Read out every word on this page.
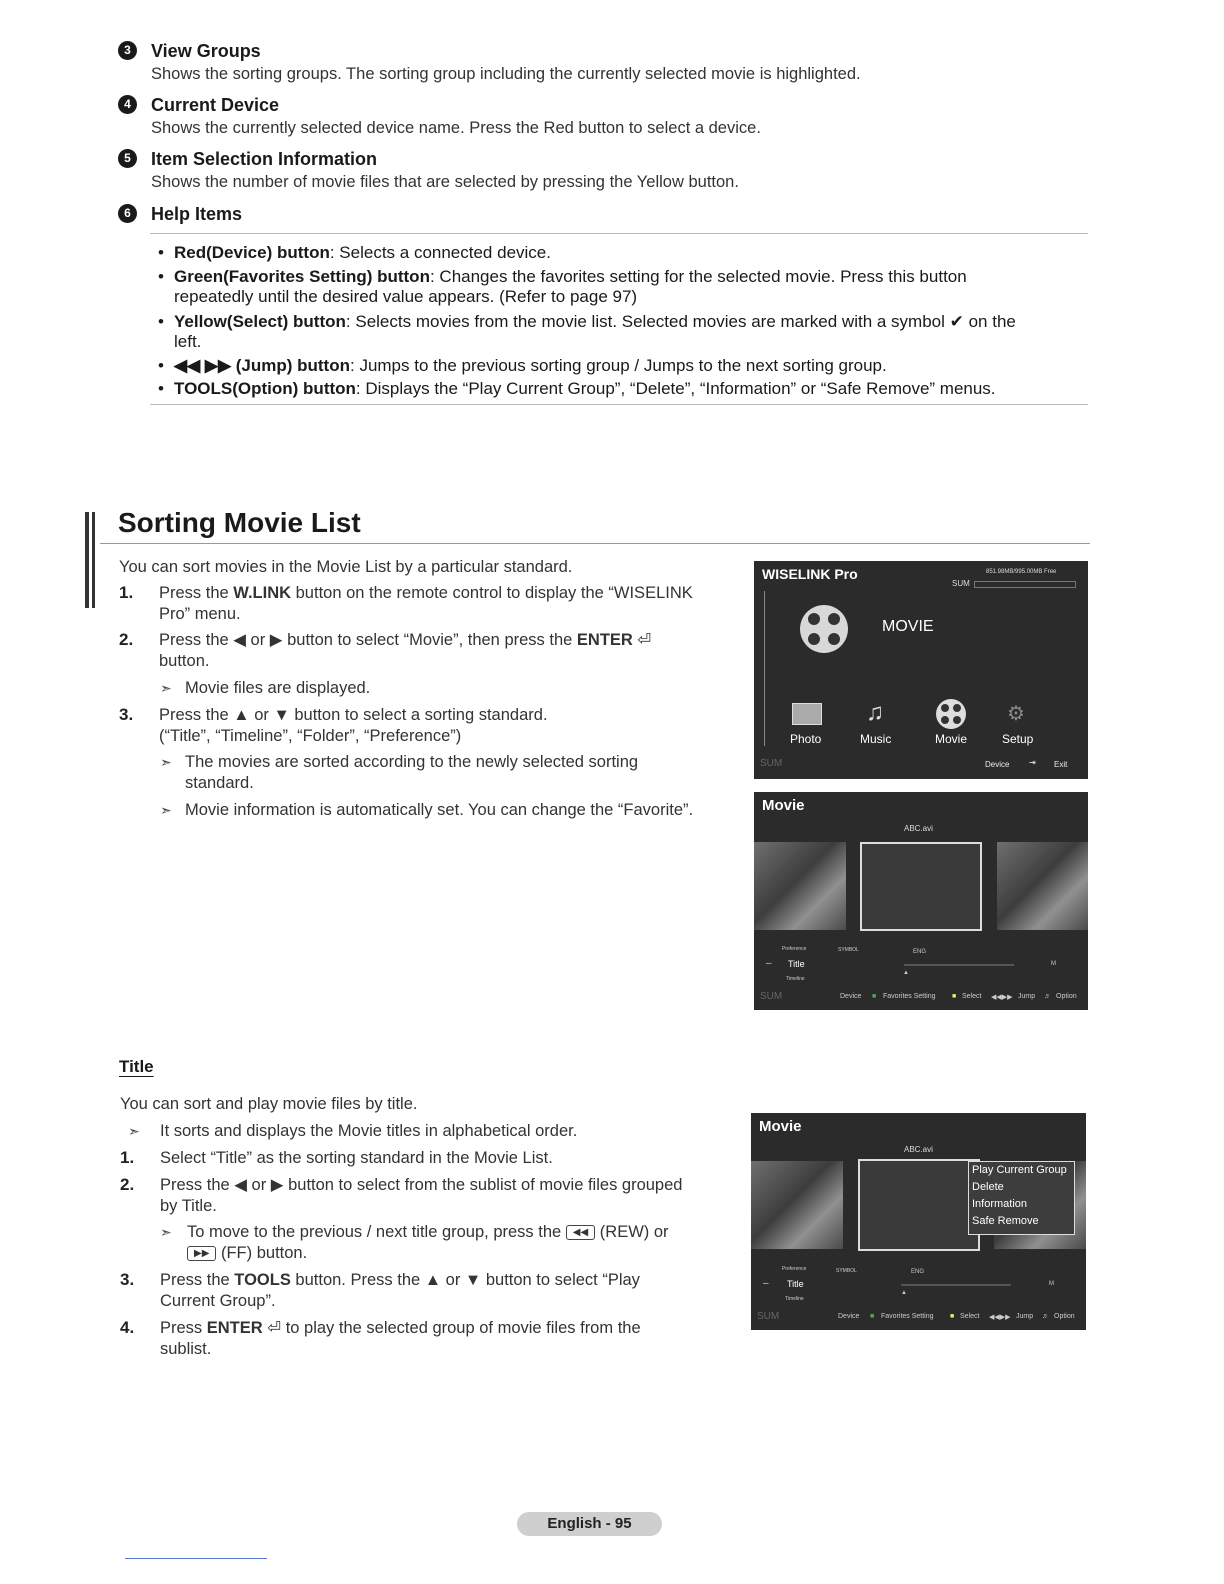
3	View Groups
Shows the sorting groups. The sorting group including the currently selected movie is highlighted.
4	Current Device
Shows the currently selected device name. Press the Red button to select a device.
5	Item Selection Information
Shows the number of movie files that are selected by pressing the Yellow button.
6	Help Items
• Red(Device) button: Selects a connected device.
• Green(Favorites Setting) button: Changes the favorites setting for the selected movie. Press this button
repeatedly until the desired value appears. (Refer to page 97)
• Yellow(Select) button: Selects movies from the movie list. Selected movies are marked with a symbol ✔ on the
left.
• ◀◀ ▶▶ (Jump) button: Jumps to the previous sorting group / Jumps to the next sorting group.
• TOOLS(Option) button: Displays the “Play Current Group”, “Delete”, “Information” or “Safe Remove” menus.
Sorting Movie List
You can sort movies in the Movie List by a particular standard.
1. Press the W.LINK button on the remote control to display the “WISELINK
Pro” menu.
2. Press the ◀ or ▶ button to select “Movie”, then press the ENTER ⏎
button.
➣ Movie files are displayed.
3. Press the ▲ or ▼ button to select a sorting standard.
(“Title”, “Timeline”, “Folder”, “Preference”)
➣ The movies are sorted according to the newly selected sorting
standard.
➣ Movie information is automatically set. You can change the “Favorite”.
WISELINK Pro	851.98MB/995.00MB Free
SUM
MOVIE
♫	⚙
Photo	Music	Movie	Setup
SUM	Device ⇥ Exit
Movie
ABC.avi
Preference
– Title
Timeline
SYMBOL	ENG
▲
M
SUM	Device ■ Favorites Setting ■ Select ◀◀▶▶ Jump ♬ Option
Title
You can sort and play movie files by title.
➣ It sorts and displays the Movie titles in alphabetical order.
1. Select “Title” as the sorting standard in the Movie List.
2. Press the ◀ or ▶ button to select from the sublist of movie files grouped
by Title.
➣ To move to the previous / next title group, press the ◀◀ (REW) or
▶▶ (FF) button.
3. Press the TOOLS button. Press the ▲ or ▼ button to select “Play
Current Group”.
4. Press ENTER ⏎ to play the selected group of movie files from the
sublist.
Movie
ABC.avi
Play Current Group
Delete
Information
Safe Remove
Preference
– Title
Timeline
SYMBOL	ENG
▲
M
SUM	Device ■ Favorites Setting ■ Select ◀◀▶▶ Jump ♬ Option
English - 95
